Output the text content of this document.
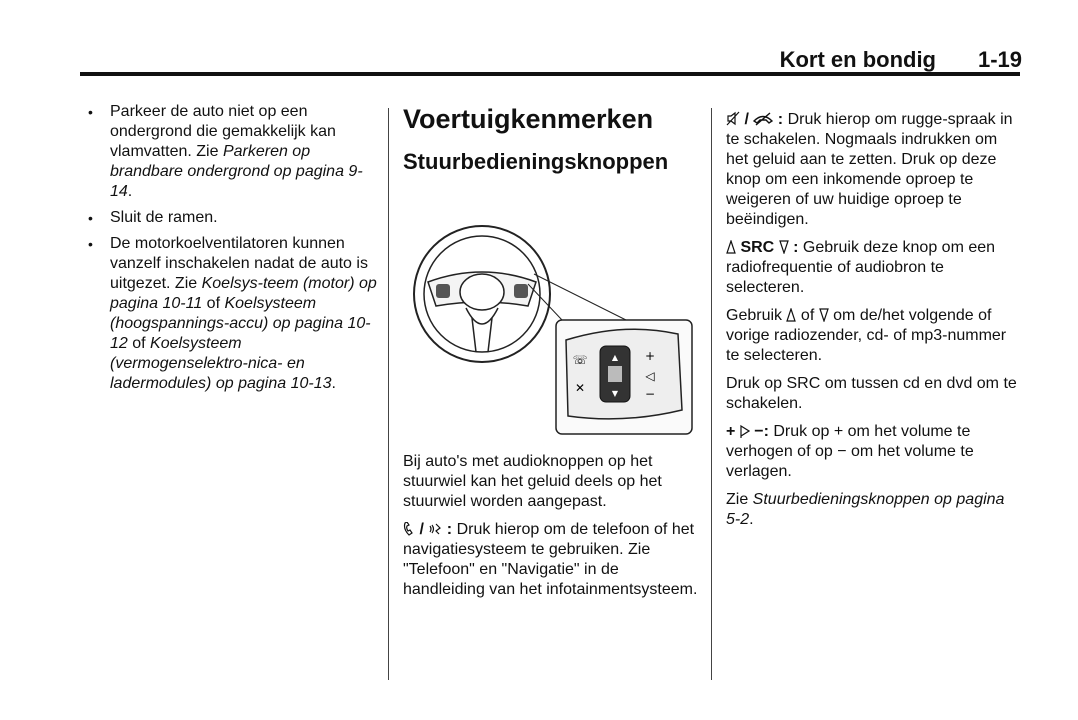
Kort en bondig 1-19
• Parkeer de auto niet op een ondergrond die gemakkelijk kan vlamvatten. Zie Parkeren op brandbare ondergrond op pagina 9-14.
• Sluit de ramen.
• De motorkoelventilatoren kunnen vanzelf inschakelen nadat de auto is uitgezet. Zie Koelsys-teem (motor) op pagina 10-11 of Koelsysteem (hoogspannings-accu) op pagina 10-12 of Koelsysteem (vermogenselektro-nica- en ladermodules) op pagina 10-13.
Voertuigkenmerken
Stuurbedieningsknoppen
▲
▼
☏
✕
+
◁
−

Bij auto's met audioknoppen op het stuurwiel kan het geluid deels op het stuurwiel worden aangepast.

/  : Druk hierop om de telefoon of het navigatiesysteem te gebruiken. Zie "Telefoon" en "Navigatie" in de handleiding van het infotainmentsysteem.

/  : Druk hierop om rugge-spraak in te schakelen. Nogmaals indrukken om het geluid aan te zetten. Druk op deze knop om een inkomende oproep te weigeren of uw huidige oproep te beëindigen.

SRC  : Gebruik deze knop om een radiofrequentie of audiobron te selecteren.

Gebruik  of  om de/het volgende of vorige radiozender, cd- of mp3-nummer te selecteren.

Druk op SRC om tussen cd en dvd om te schakelen.

+  −: Druk op + om het volume te verhogen of op − om het volume te verlagen.

Zie Stuurbedieningsknoppen op pagina 5-2.
